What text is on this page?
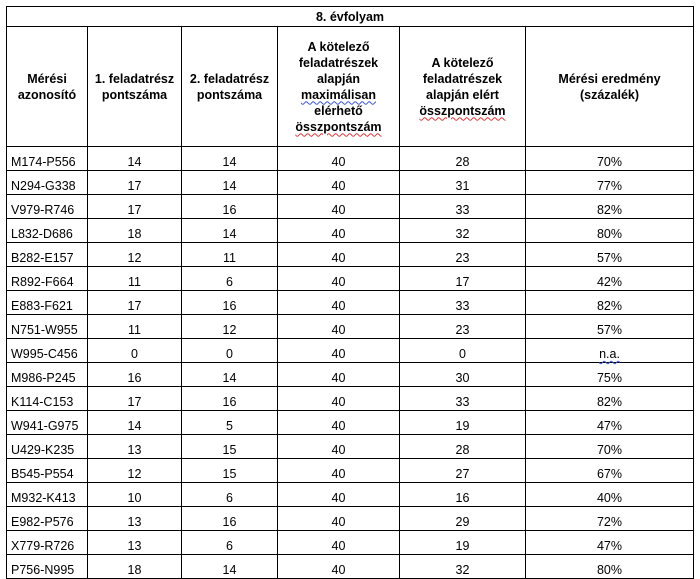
8. évfolyam					
Mérési azonosító	1. feladatrész pontszáma	2. feladatrész pontszáma	A kötelező feladatrészek alapján
maximálisan
elérhető
összpontszám	A kötelező feladatrészek alapján elért
összpontszám	Mérési eredmény (százalék)
M174-P556	14	14	40	28	70%
N294-G338	17	14	40	31	77%
V979-R746	17	16	40	33	82%
L832-D686	18	14	40	32	80%
B282-E157	12	11	40	23	57%
R892-F664	11	6	40	17	42%
E883-F621	17	16	40	33	82%
N751-W955	11	12	40	23	57%
W995-C456	0	0	40	0	n.a.
M986-P245	16	14	40	30	75%
K114-C153	17	16	40	33	82%
W941-G975	14	5	40	19	47%
U429-K235	13	15	40	28	70%
B545-P554	12	15	40	27	67%
M932-K413	10	6	40	16	40%
E982-P576	13	16	40	29	72%
X779-R726	13	6	40	19	47%
P756-N995	18	14	40	32	80%
